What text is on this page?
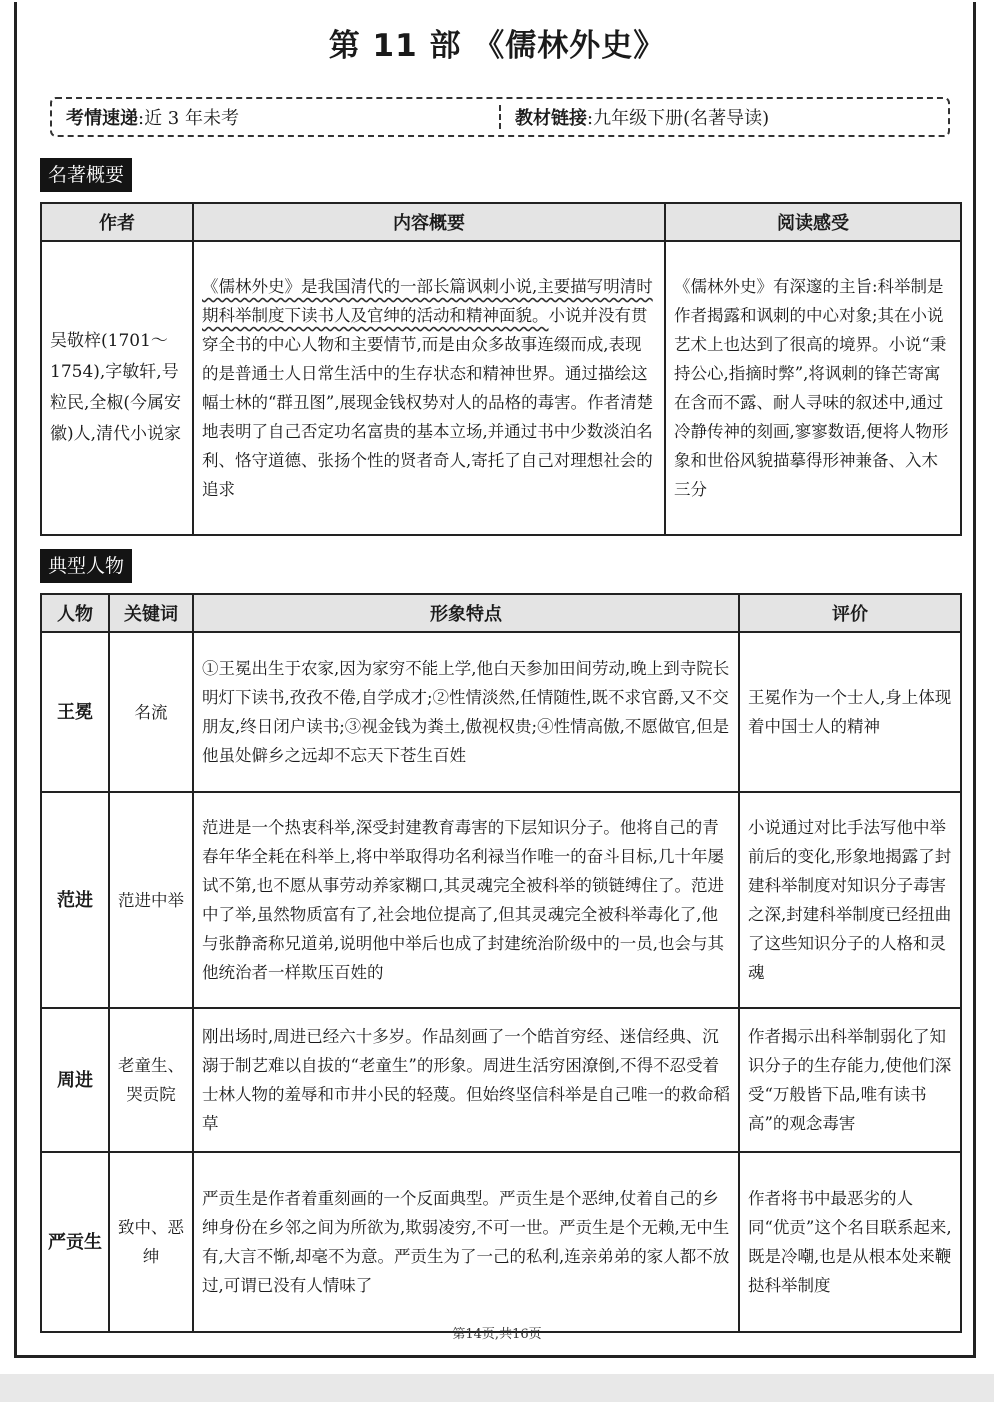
第 11 部 《儒林外史》
考情速递:近 3 年未考	教材链接:九年级下册(名著导读)
名著概要
作者	内容概要	阅读感受
吴敬梓(1701～1754),字敏轩,号粒民,全椒(今属安徽)人,清代小说家	《儒林外史》是我国清代的一部长篇讽刺小说,主要描写明清时期科举制度下读书人及官绅的活动和精神面貌。小说并没有贯穿全书的中心人物和主要情节,而是由众多故事连缀而成,表现的是普通士人日常生活中的生存状态和精神世界。通过描绘这幅士林的“群丑图”,展现金钱权势对人的品格的毒害。作者清楚地表明了自己否定功名富贵的基本立场,并通过书中少数淡泊名利、恪守道德、张扬个性的贤者奇人,寄托了自己对理想社会的追求	《儒林外史》有深邃的主旨:科举制是作者揭露和讽刺的中心对象;其在小说艺术上也达到了很高的境界。小说“秉持公心,指摘时弊”,将讽刺的锋芒寄寓在含而不露、耐人寻味的叙述中,通过冷静传神的刻画,寥寥数语,便将人物形象和世俗风貌描摹得形神兼备、入木三分
典型人物
人物	关键词	形象特点	评价
王冕	名流	①王冕出生于农家,因为家穷不能上学,他白天参加田间劳动,晚上到寺院长明灯下读书,孜孜不倦,自学成才;②性情淡然,任情随性,既不求官爵,又不交朋友,终日闭户读书;③视金钱为粪土,傲视权贵;④性情高傲,不愿做官,但是他虽处僻乡之远却不忘天下苍生百姓	王冕作为一个士人,身上体现着中国士人的精神
范进	范进中举	范进是一个热衷科举,深受封建教育毒害的下层知识分子。他将自己的青春年华全耗在科举上,将中举取得功名利禄当作唯一的奋斗目标,几十年屡试不第,也不愿从事劳动养家糊口,其灵魂完全被科举的锁链缚住了。范进中了举,虽然物质富有了,社会地位提高了,但其灵魂完全被科举毒化了,他与张静斋称兄道弟,说明他中举后也成了封建统治阶级中的一员,也会与其他统治者一样欺压百姓的	小说通过对比手法写他中举前后的变化,形象地揭露了封建科举制度对知识分子毒害之深,封建科举制度已经扭曲了这些知识分子的人格和灵魂
周进	老童生、哭贡院	刚出场时,周进已经六十多岁。作品刻画了一个皓首穷经、迷信经典、沉溺于制艺难以自拔的“老童生”的形象。周进生活穷困潦倒,不得不忍受着士林人物的羞辱和市井小民的轻蔑。但始终坚信科举是自己唯一的救命稻草	作者揭示出科举制弱化了知识分子的生存能力,使他们深受“万般皆下品,唯有读书高”的观念毒害
严贡生	致中、恶绅	严贡生是作者着重刻画的一个反面典型。严贡生是个恶绅,仗着自己的乡绅身份在乡邻之间为所欲为,欺弱凌穷,不可一世。严贡生是个无赖,无中生有,大言不惭,却毫不为意。严贡生为了一己的私利,连亲弟弟的家人都不放过,可谓已没有人情味了	作者将书中最恶劣的人同“优贡”这个名目联系起来,既是冷嘲,也是从根本处来鞭挞科举制度
第14页,共16页
